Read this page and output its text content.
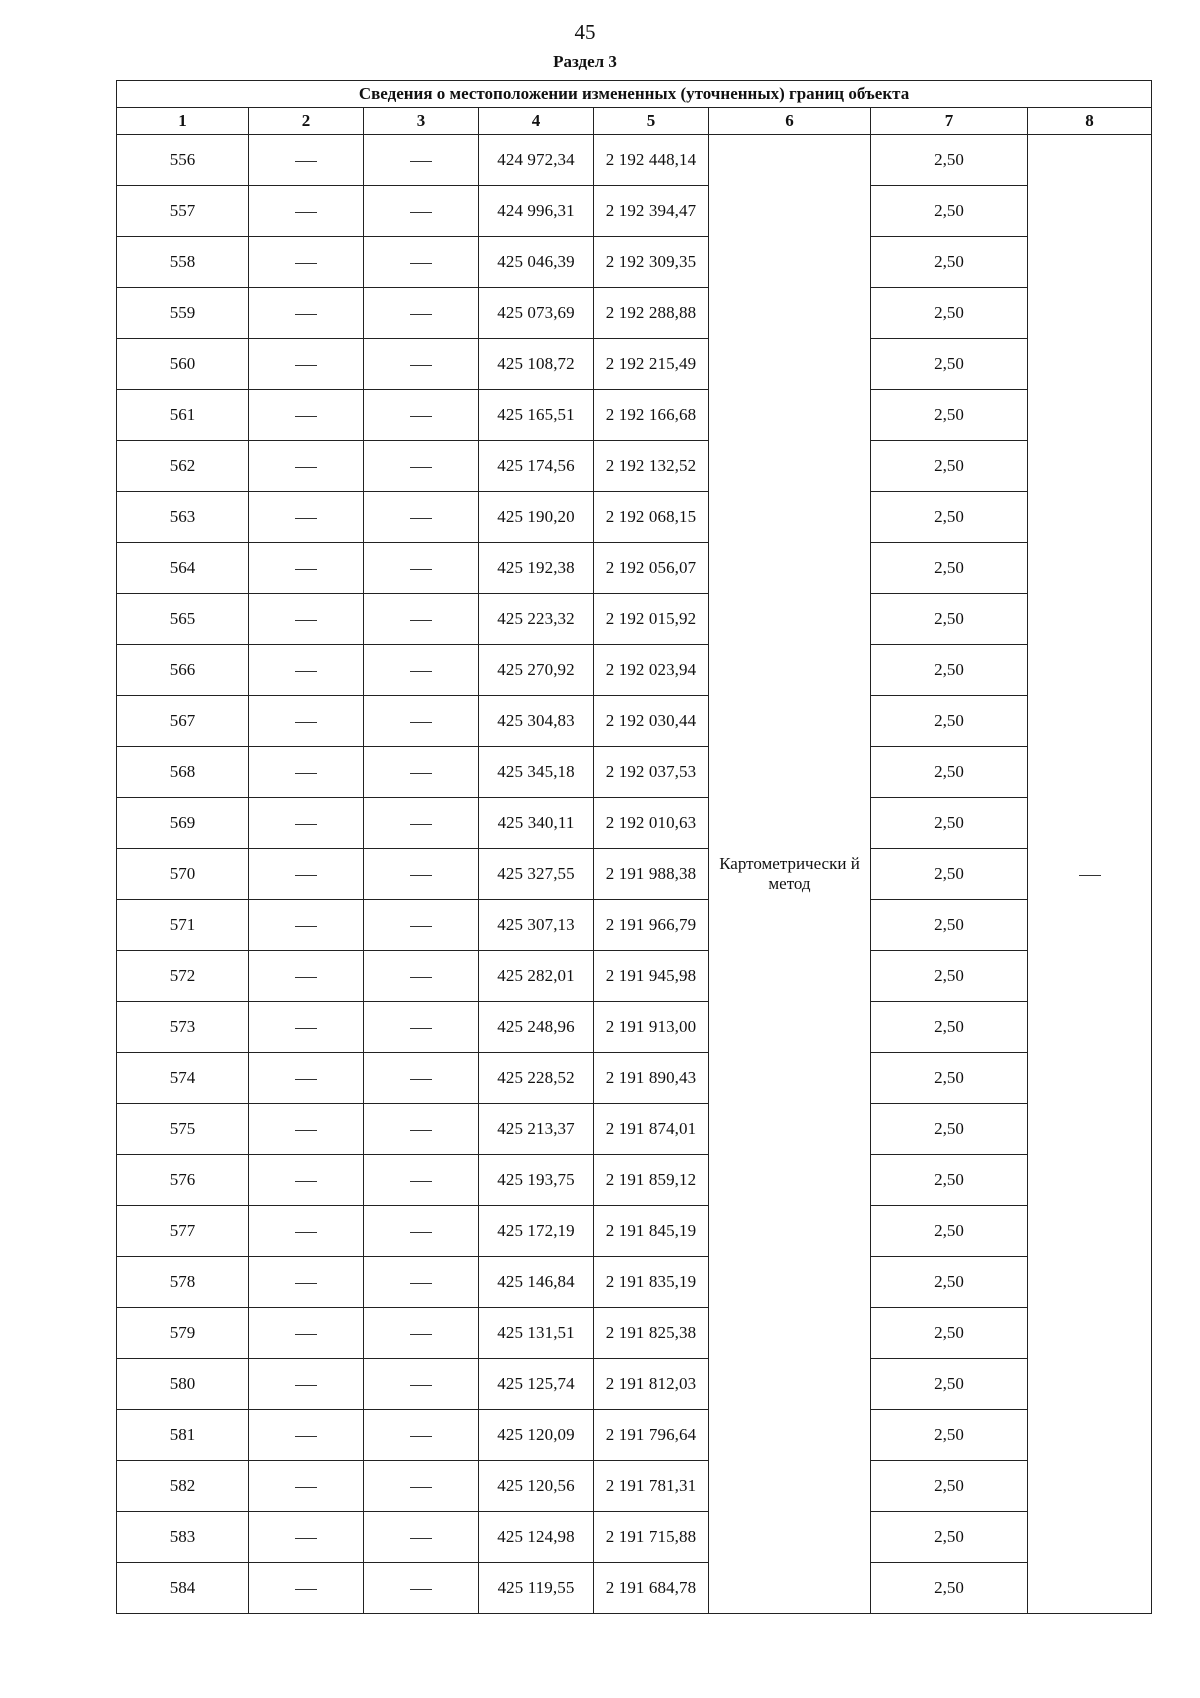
45
Раздел 3
Сведения о местоположении измененных (уточненных) границ объекта							
1	2	3	4	5	6	7	8
556			424 972,34	2 192 448,14	Картометрически й метод	2,50	
557			424 996,31	2 192 394,47		2,50	
558			425 046,39	2 192 309,35		2,50	
559			425 073,69	2 192 288,88		2,50	
560			425 108,72	2 192 215,49		2,50	
561			425 165,51	2 192 166,68		2,50	
562			425 174,56	2 192 132,52		2,50	
563			425 190,20	2 192 068,15		2,50	
564			425 192,38	2 192 056,07		2,50	
565			425 223,32	2 192 015,92		2,50	
566			425 270,92	2 192 023,94		2,50	
567			425 304,83	2 192 030,44		2,50	
568			425 345,18	2 192 037,53		2,50	
569			425 340,11	2 192 010,63		2,50	
570			425 327,55	2 191 988,38		2,50	
571			425 307,13	2 191 966,79		2,50	
572			425 282,01	2 191 945,98		2,50	
573			425 248,96	2 191 913,00		2,50	
574			425 228,52	2 191 890,43		2,50	
575			425 213,37	2 191 874,01		2,50	
576			425 193,75	2 191 859,12		2,50	
577			425 172,19	2 191 845,19		2,50	
578			425 146,84	2 191 835,19		2,50	
579			425 131,51	2 191 825,38		2,50	
580			425 125,74	2 191 812,03		2,50	
581			425 120,09	2 191 796,64		2,50	
582			425 120,56	2 191 781,31		2,50	
583			425 124,98	2 191 715,88		2,50	
584			425 119,55	2 191 684,78		2,50	
